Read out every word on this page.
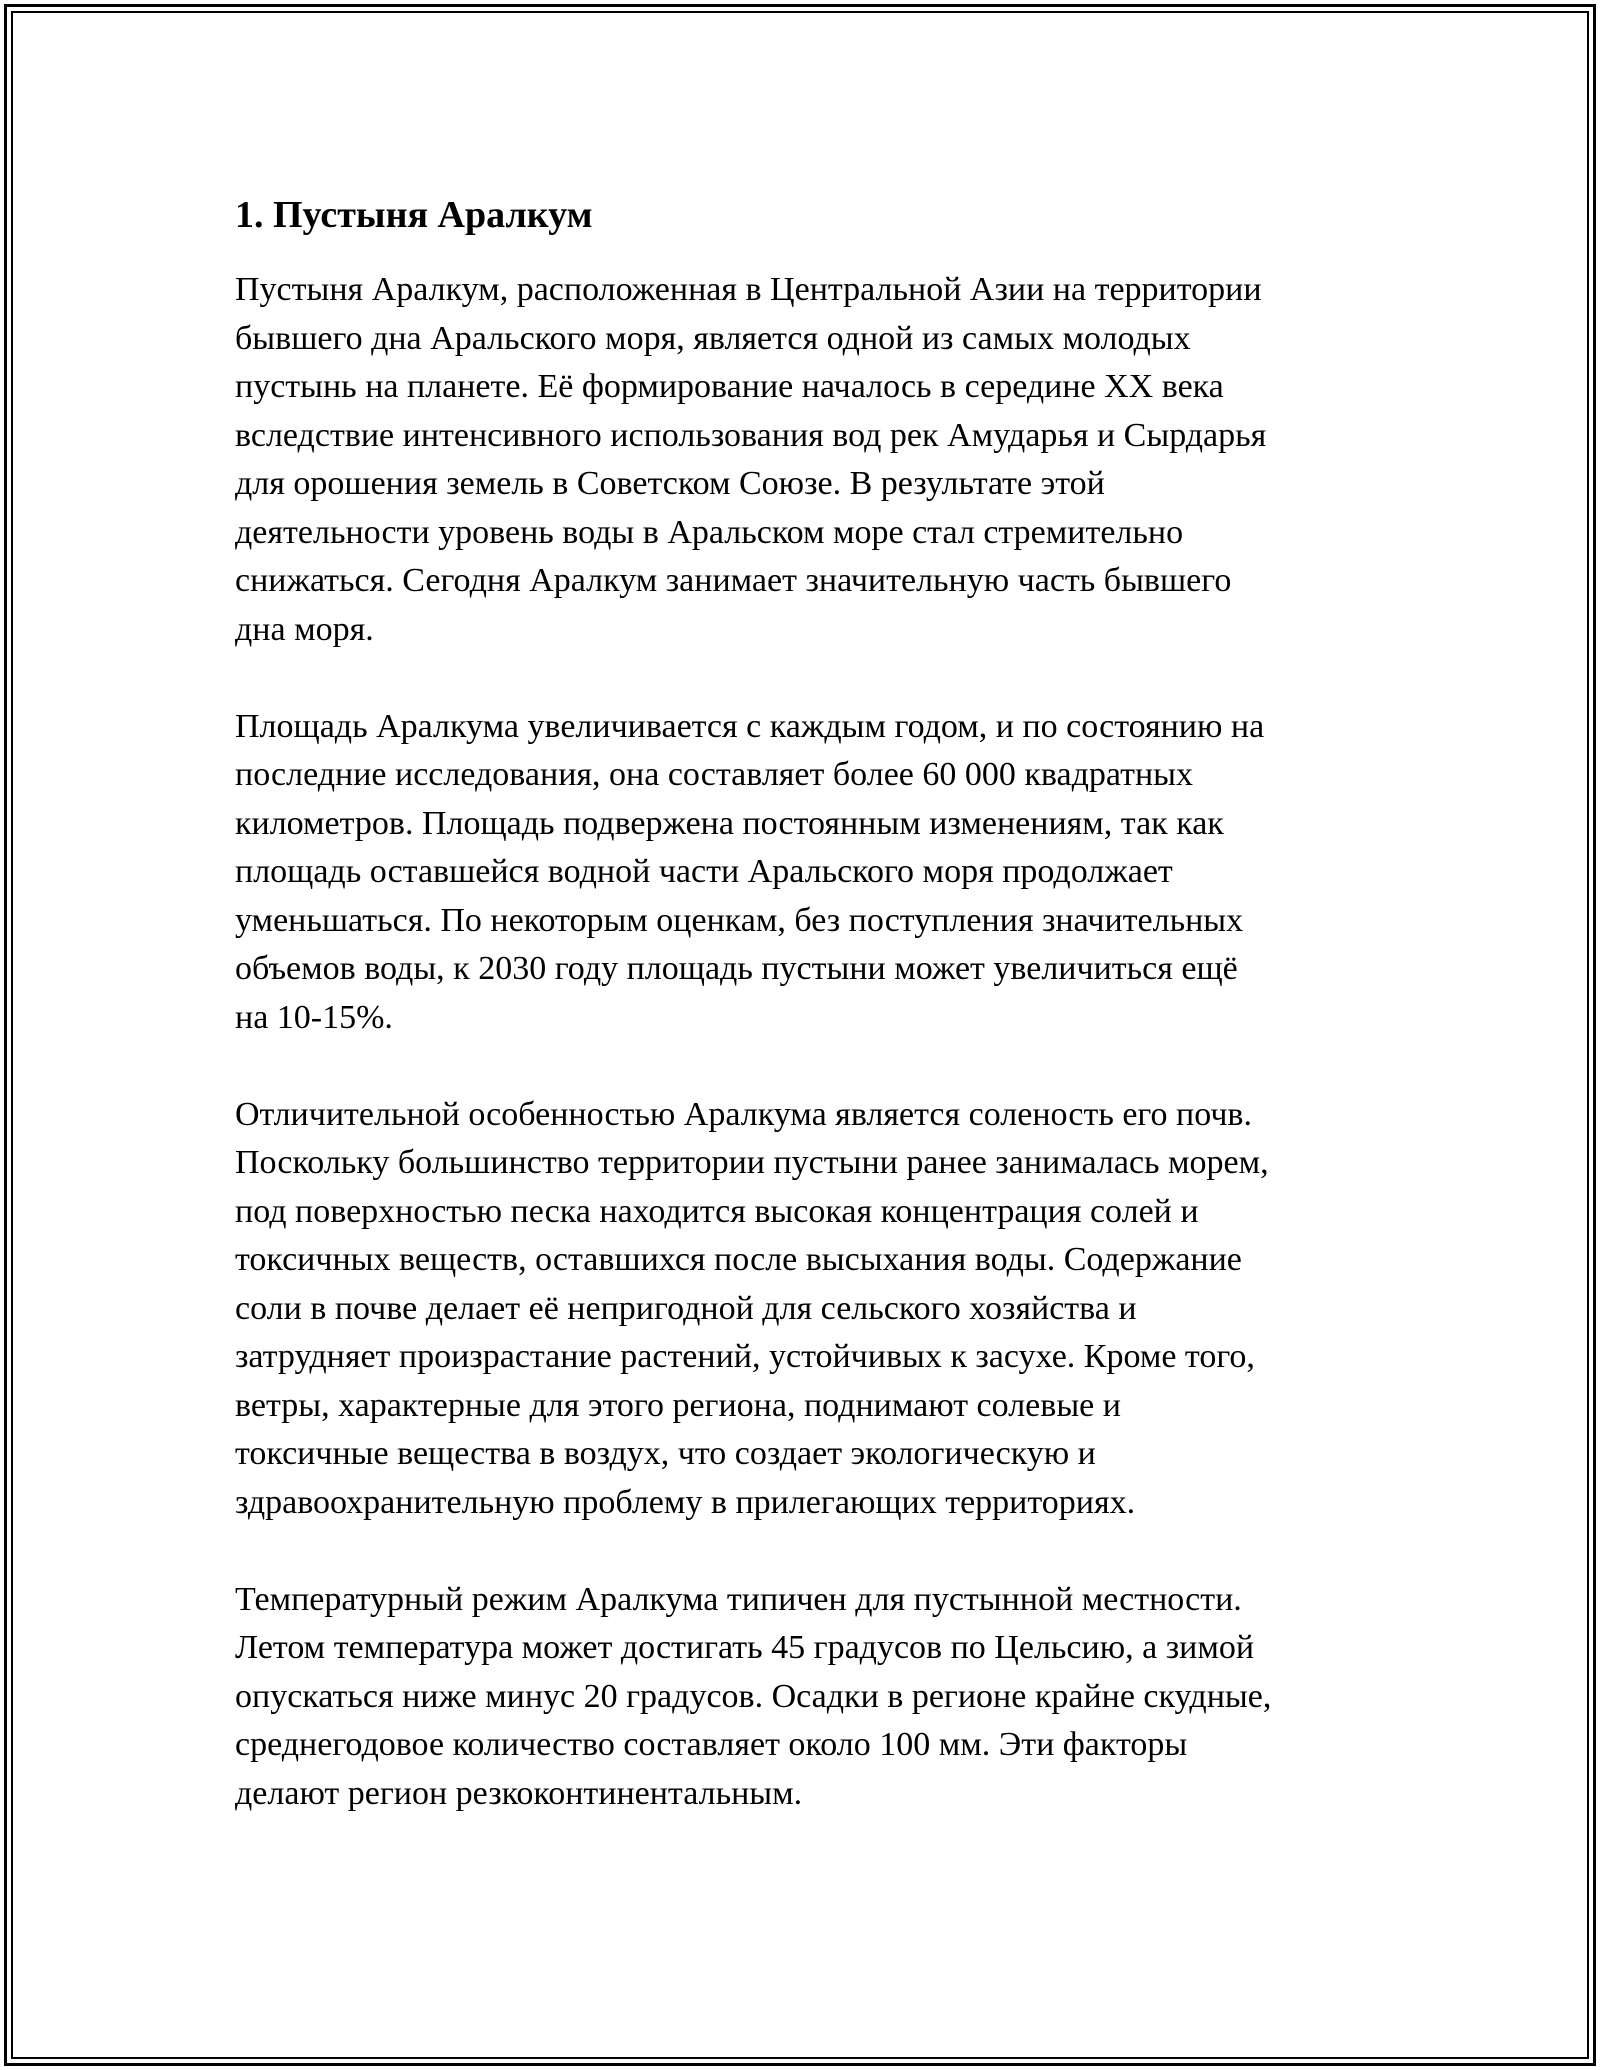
1. Пустыня Аралкум

Пустыня Аралкум, расположенная в Центральной Азии на территории
бывшего дна Аральского моря, является одной из самых молодых
пустынь на планете. Её формирование началось в середине XX века
вследствие интенсивного использования вод рек Амударья и Сырдарья
для орошения земель в Советском Союзе. В результате этой
деятельности уровень воды в Аральском море стал стремительно
снижаться. Сегодня Аралкум занимает значительную часть бывшего
дна моря.

Площадь Аралкума увеличивается с каждым годом, и по состоянию на
последние исследования, она составляет более 60 000 квадратных
километров. Площадь подвержена постоянным изменениям, так как
площадь оставшейся водной части Аральского моря продолжает
уменьшаться. По некоторым оценкам, без поступления значительных
объемов воды, к 2030 году площадь пустыни может увеличиться ещё
на 10-15%.

Отличительной особенностью Аралкума является соленость его почв.
Поскольку большинство территории пустыни ранее занималась морем,
под поверхностью песка находится высокая концентрация солей и
токсичных веществ, оставшихся после высыхания воды. Содержание
соли в почве делает её непригодной для сельского хозяйства и
затрудняет произрастание растений, устойчивых к засухе. Кроме того,
ветры, характерные для этого региона, поднимают солевые и
токсичные вещества в воздух, что создает экологическую и
здравоохранительную проблему в прилегающих территориях.

Температурный режим Аралкума типичен для пустынной местности.
Летом температура может достигать 45 градусов по Цельсию, а зимой
опускаться ниже минус 20 градусов. Осадки в регионе крайне скудные,
среднегодовое количество составляет около 100 мм. Эти факторы
делают регион резкоконтинентальным.
